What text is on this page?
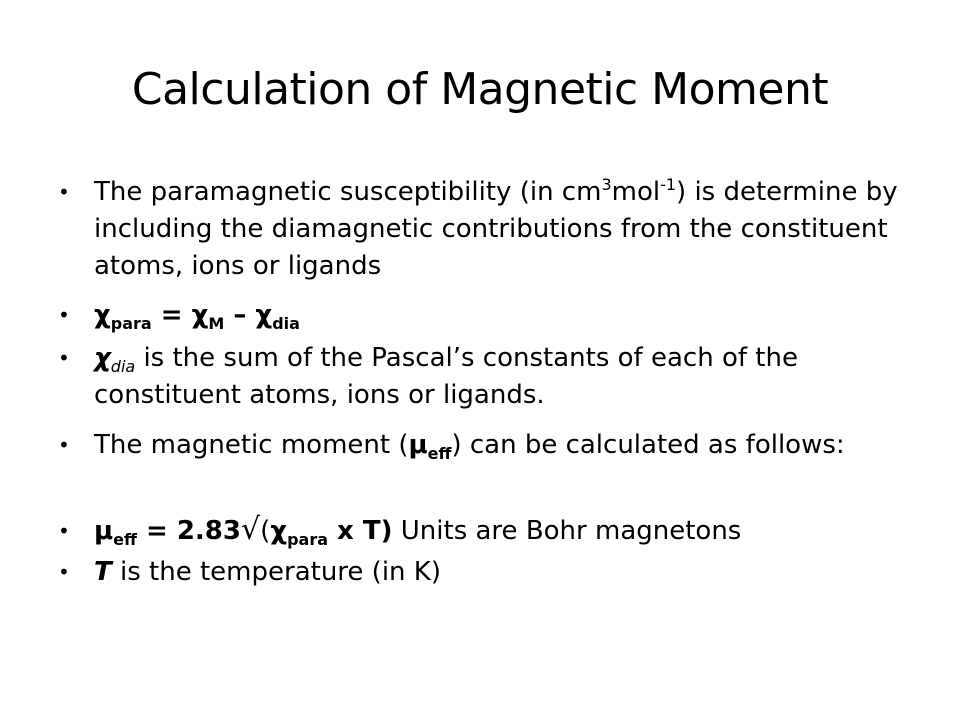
Calculation of Magnetic Moment

• The paramagnetic susceptibility (in $cm^3mol^{-1}$) is determine by including the diamagnetic contributions from the constituent atoms, ions or ligands

• $\chi_{para} = \chi_M - \chi_{dia}$

• $\chi_{dia}$ is the sum of the Pascal’s constants of each of the constituent atoms, ions or ligands.

• The magnetic moment $(\mu_{eff})$ can be calculated as follows:

• $\mu_{eff} = 2.83√(\chi_{para}$ x T) Units are Bohr magnetons

• T is the temperature (in K)
